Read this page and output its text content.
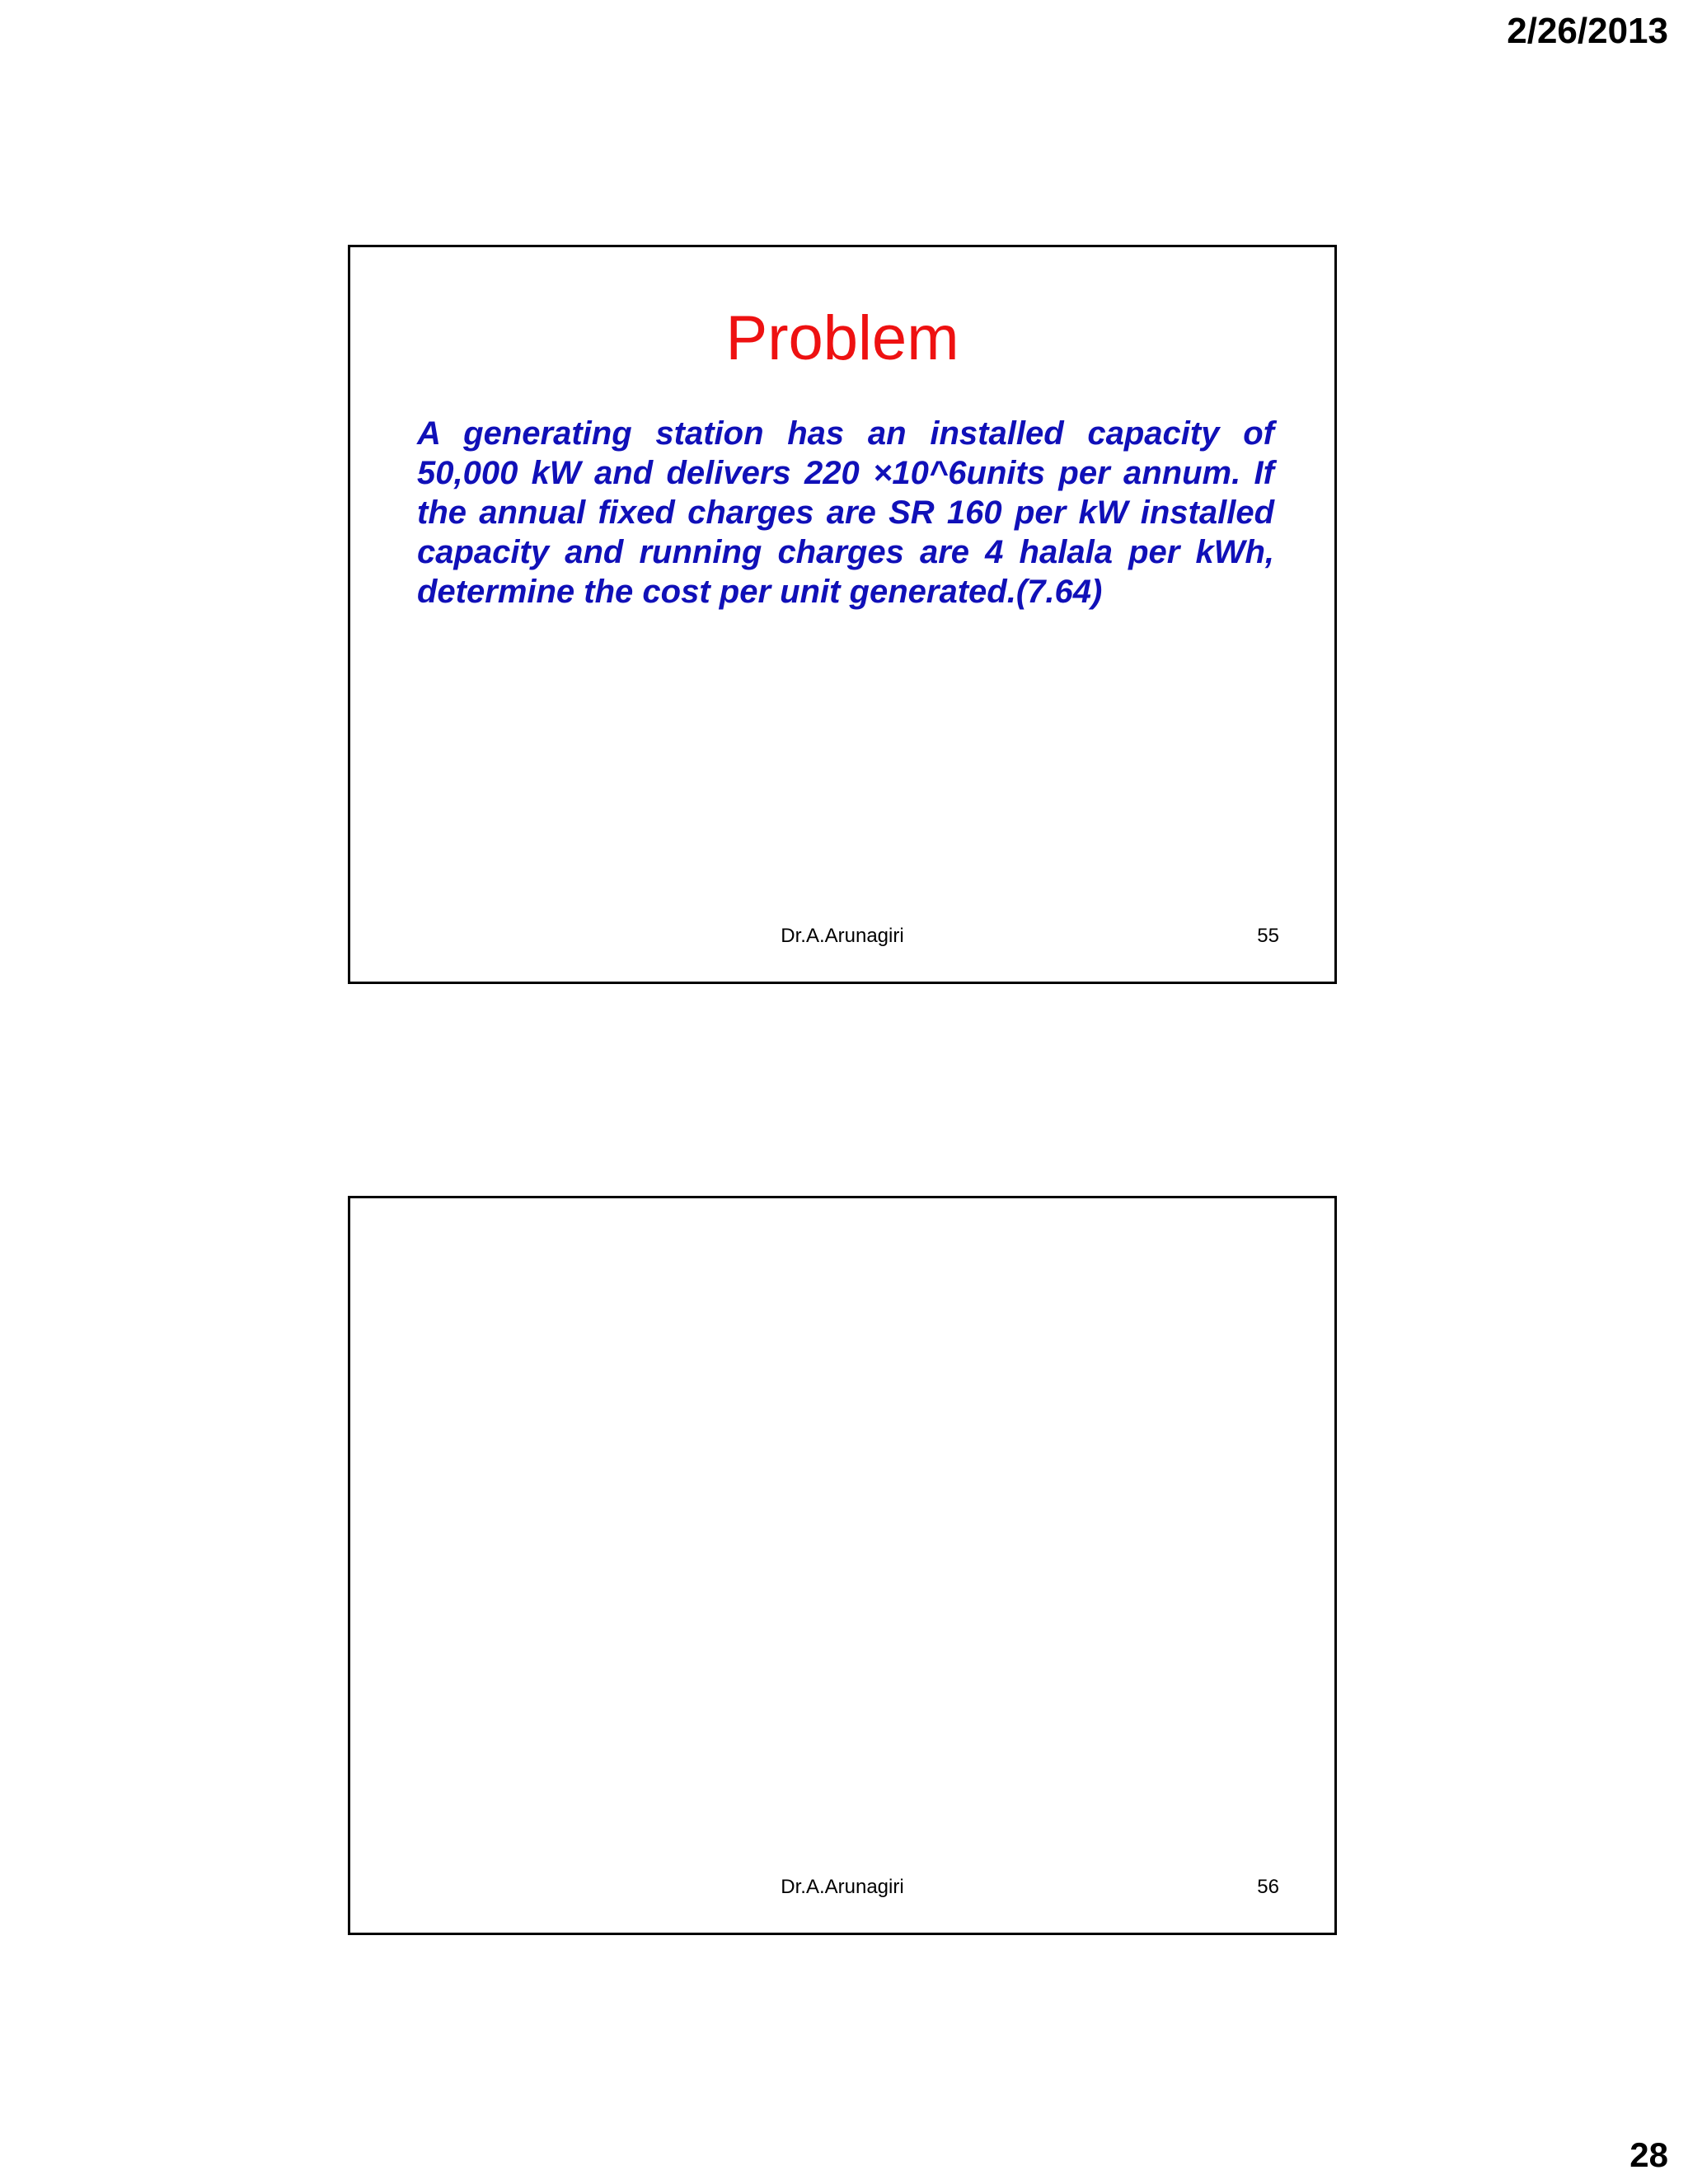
2/26/2013
Problem

A generating station has an installed capacity of 50,000 kW and delivers 220 ×10^6units per annum. If the annual fixed charges are SR 160 per kW installed capacity and running charges are 4 halala per kWh, determine the cost per unit generated.(7.64)

Dr.A.Arunagiri	55
Dr.A.Arunagiri	56
28
